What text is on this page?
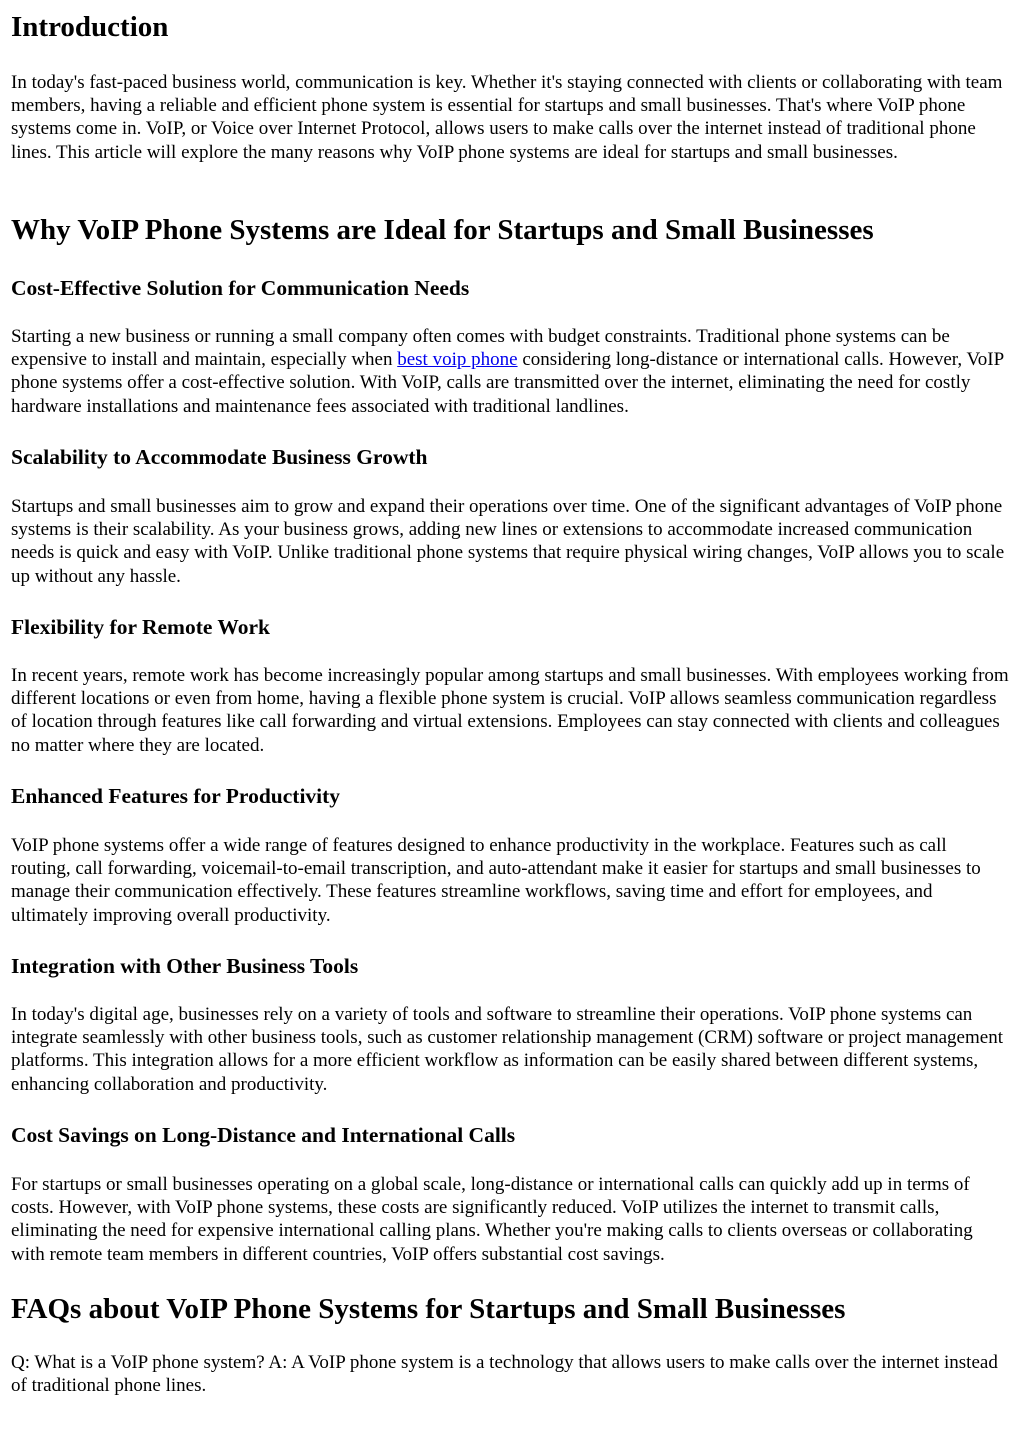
Introduction

In today's fast-paced business world, communication is key. Whether it's staying connected with clients or collaborating with team members, having a reliable and efficient phone system is essential for startups and small businesses. That's where VoIP phone systems come in. VoIP, or Voice over Internet Protocol, allows users to make calls over the internet instead of traditional phone lines. This article will explore the many reasons why VoIP phone systems are ideal for startups and small businesses.

Why VoIP Phone Systems are Ideal for Startups and Small Businesses
Cost-Effective Solution for Communication Needs

Starting a new business or running a small company often comes with budget constraints. Traditional phone systems can be expensive to install and maintain, especially when best voip phone considering long-distance or international calls. However, VoIP phone systems offer a cost-effective solution. With VoIP, calls are transmitted over the internet, eliminating the need for costly hardware installations and maintenance fees associated with traditional landlines.

Scalability to Accommodate Business Growth

Startups and small businesses aim to grow and expand their operations over time. One of the significant advantages of VoIP phone systems is their scalability. As your business grows, adding new lines or extensions to accommodate increased communication needs is quick and easy with VoIP. Unlike traditional phone systems that require physical wiring changes, VoIP allows you to scale up without any hassle.

Flexibility for Remote Work

In recent years, remote work has become increasingly popular among startups and small businesses. With employees working from different locations or even from home, having a flexible phone system is crucial. VoIP allows seamless communication regardless of location through features like call forwarding and virtual extensions. Employees can stay connected with clients and colleagues no matter where they are located.

Enhanced Features for Productivity

VoIP phone systems offer a wide range of features designed to enhance productivity in the workplace. Features such as call routing, call forwarding, voicemail-to-email transcription, and auto-attendant make it easier for startups and small businesses to manage their communication effectively. These features streamline workflows, saving time and effort for employees, and ultimately improving overall productivity.

Integration with Other Business Tools

In today's digital age, businesses rely on a variety of tools and software to streamline their operations. VoIP phone systems can integrate seamlessly with other business tools, such as customer relationship management (CRM) software or project management platforms. This integration allows for a more efficient workflow as information can be easily shared between different systems, enhancing collaboration and productivity.

Cost Savings on Long-Distance and International Calls

For startups or small businesses operating on a global scale, long-distance or international calls can quickly add up in terms of costs. However, with VoIP phone systems, these costs are significantly reduced. VoIP utilizes the internet to transmit calls, eliminating the need for expensive international calling plans. Whether you're making calls to clients overseas or collaborating with remote team members in different countries, VoIP offers substantial cost savings.

FAQs about VoIP Phone Systems for Startups and Small Businesses

Q: What is a VoIP phone system? A: A VoIP phone system is a technology that allows users to make calls over the internet instead of traditional phone lines.
